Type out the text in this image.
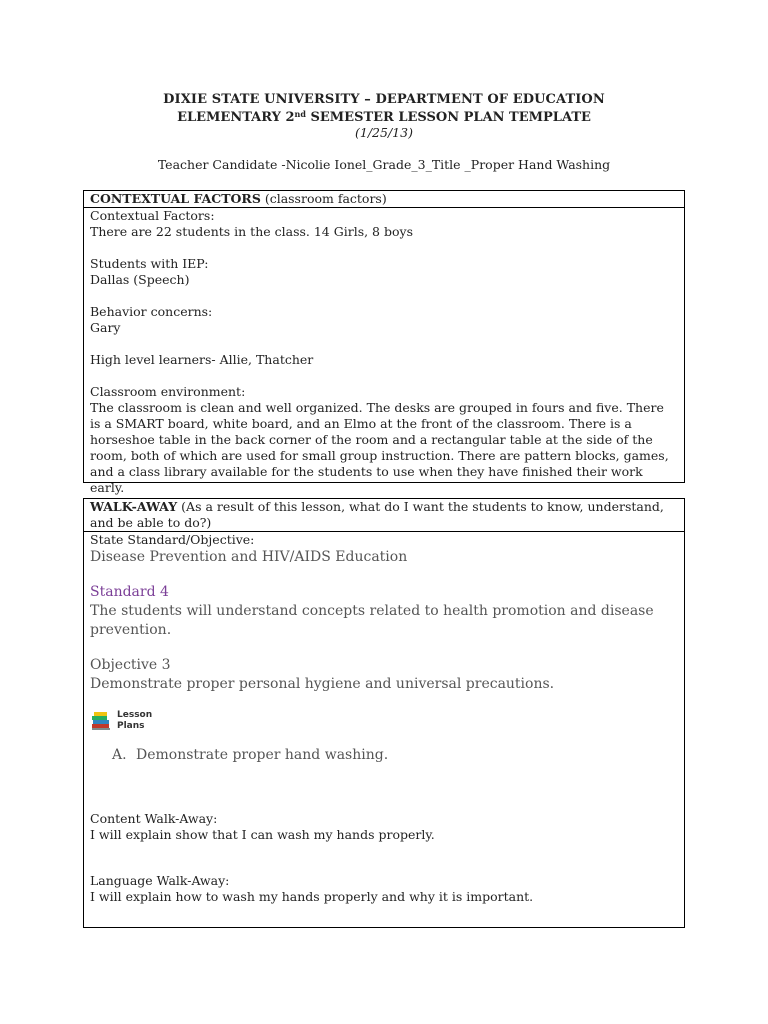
DIXIE STATE UNIVERSITY – DEPARTMENT OF EDUCATION
ELEMENTARY 2nd SEMESTER LESSON PLAN TEMPLATE
(1/25/13)
Teacher Candidate -Nicolie Ionel_Grade_3_Title _Proper Hand Washing
CONTEXTUAL FACTORS (classroom factors)
Contextual Factors:
There are 22 students in the class. 14 Girls, 8 boys
Students with IEP:
Dallas (Speech)
Behavior concerns:
Gary
High level learners- Allie, Thatcher
Classroom environment:
The classroom is clean and well organized. The desks are grouped in fours and five. There is a SMART board, white board, and an Elmo at the front of the classroom. There is a horseshoe table in the back corner of the room and a rectangular table at the side of the room, both of which are used for small group instruction. There are pattern blocks, games, and a class library available for the students to use when they have finished their work early.
WALK-AWAY (As a result of this lesson, what do I want the students to know, understand, and be able to do?)
State Standard/Objective:
Disease Prevention and HIV/AIDS Education
Standard 4
The students will understand concepts related to health promotion and disease prevention.
Objective 3
Demonstrate proper personal hygiene and universal precautions.
Lesson
Plans
A. Demonstrate proper hand washing.
Content Walk-Away:
I will explain show that I can wash my hands properly.
Language Walk-Away:
I will explain how to wash my hands properly and why it is important.
